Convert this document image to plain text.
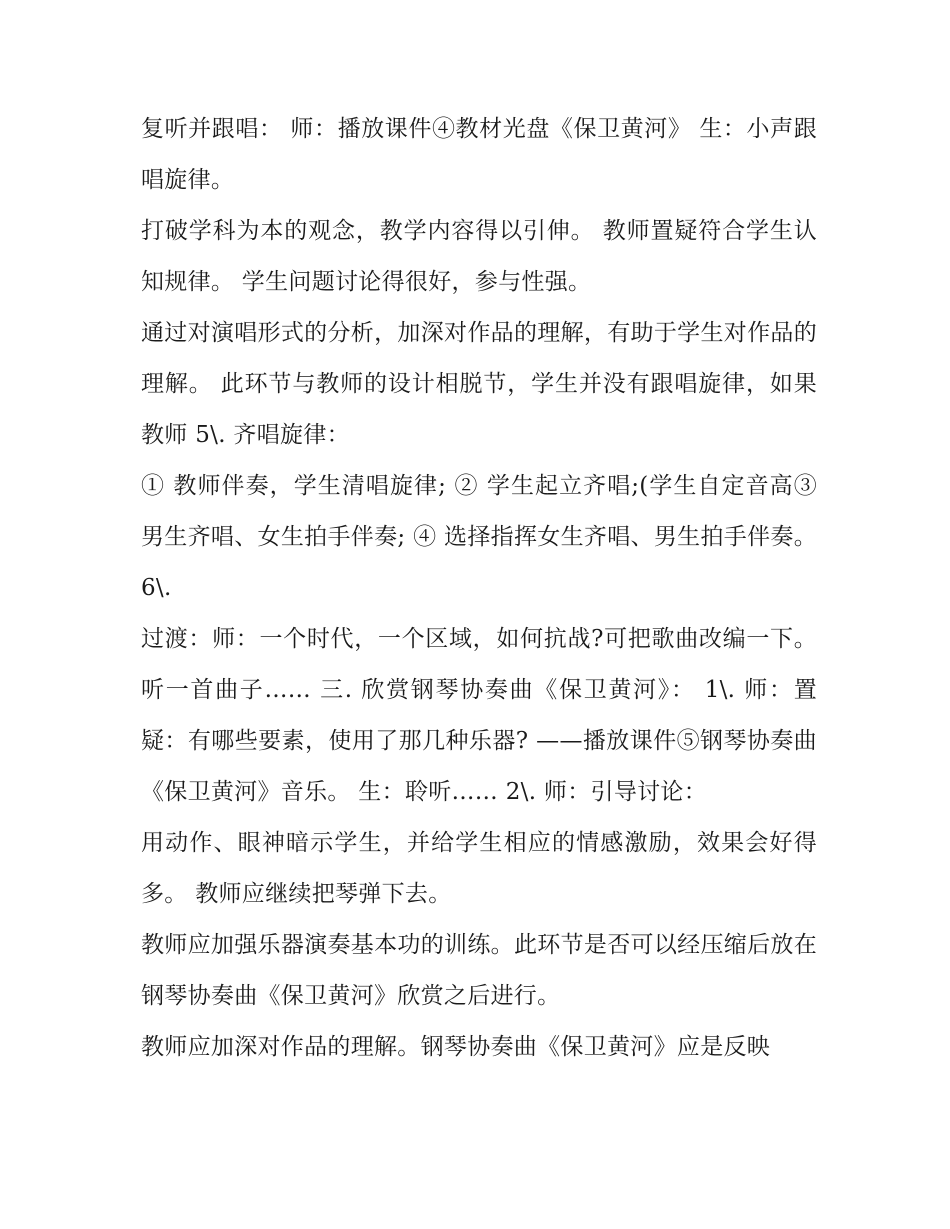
复听并跟唱： 师：播放课件④教材光盘《保卫黄河》 生：小声跟唱旋律。

打破学科为本的观念，教学内容得以引伸。 教师置疑符合学生认知规律。 学生问题讨论得很好，参与性强。

通过对演唱形式的分析，加深对作品的理解，有助于学生对作品的理解。 此环节与教师的设计相脱节，学生并没有跟唱旋律，如果教师 5\. 齐唱旋律：

① 教师伴奏，学生清唱旋律; ② 学生起立齐唱;(学生自定音高③男生齐唱、女生拍手伴奏; ④ 选择指挥女生齐唱、男生拍手伴奏。 6\.

过渡：师：一个时代，一个区域，如何抗战?可把歌曲改编一下。 听一首曲子…… 三. 欣赏钢琴协奏曲《保卫黄河》： 1\. 师：置疑：有哪些要素，使用了那几种乐器? ——播放课件⑤钢琴协奏曲《保卫黄河》音乐。 生：聆听…… 2\. 师：引导讨论：

用动作、眼神暗示学生，并给学生相应的情感激励，效果会好得多。 教师应继续把琴弹下去。

教师应加强乐器演奏基本功的训练。此环节是否可以经压缩后放在钢琴协奏曲《保卫黄河》欣赏之后进行。

教师应加深对作品的理解。钢琴协奏曲《保卫黄河》应是反映
